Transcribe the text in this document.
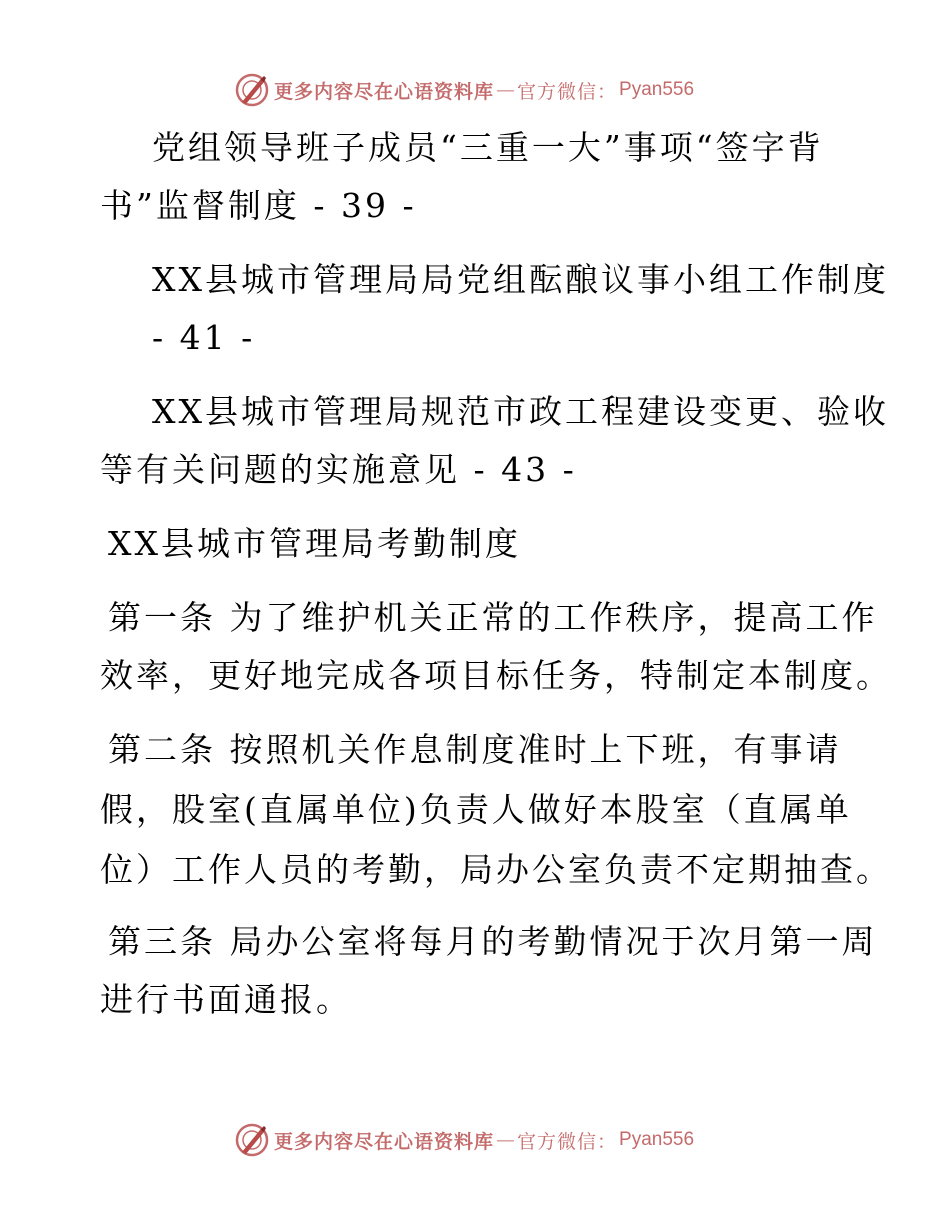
更多内容尽在心语资料库 — 官方微信： Pyan556
党组领导班子成员“三重一大”事项“签字背
书”监督制度 - 39 -
XX县城市管理局局党组酝酿议事小组工作制度
- 41 -
XX县城市管理局规范市政工程建设变更、验收
等有关问题的实施意见 - 43 -
XX县城市管理局考勤制度
第一条 为了维护机关正常的工作秩序，提高工作
效率，更好地完成各项目标任务，特制定本制度。
第二条 按照机关作息制度准时上下班，有事请
假，股室(直属单位)负责人做好本股室（直属单
位）工作人员的考勤，局办公室负责不定期抽查。
第三条 局办公室将每月的考勤情况于次月第一周
进行书面通报。
更多内容尽在心语资料库 — 官方微信： Pyan556
